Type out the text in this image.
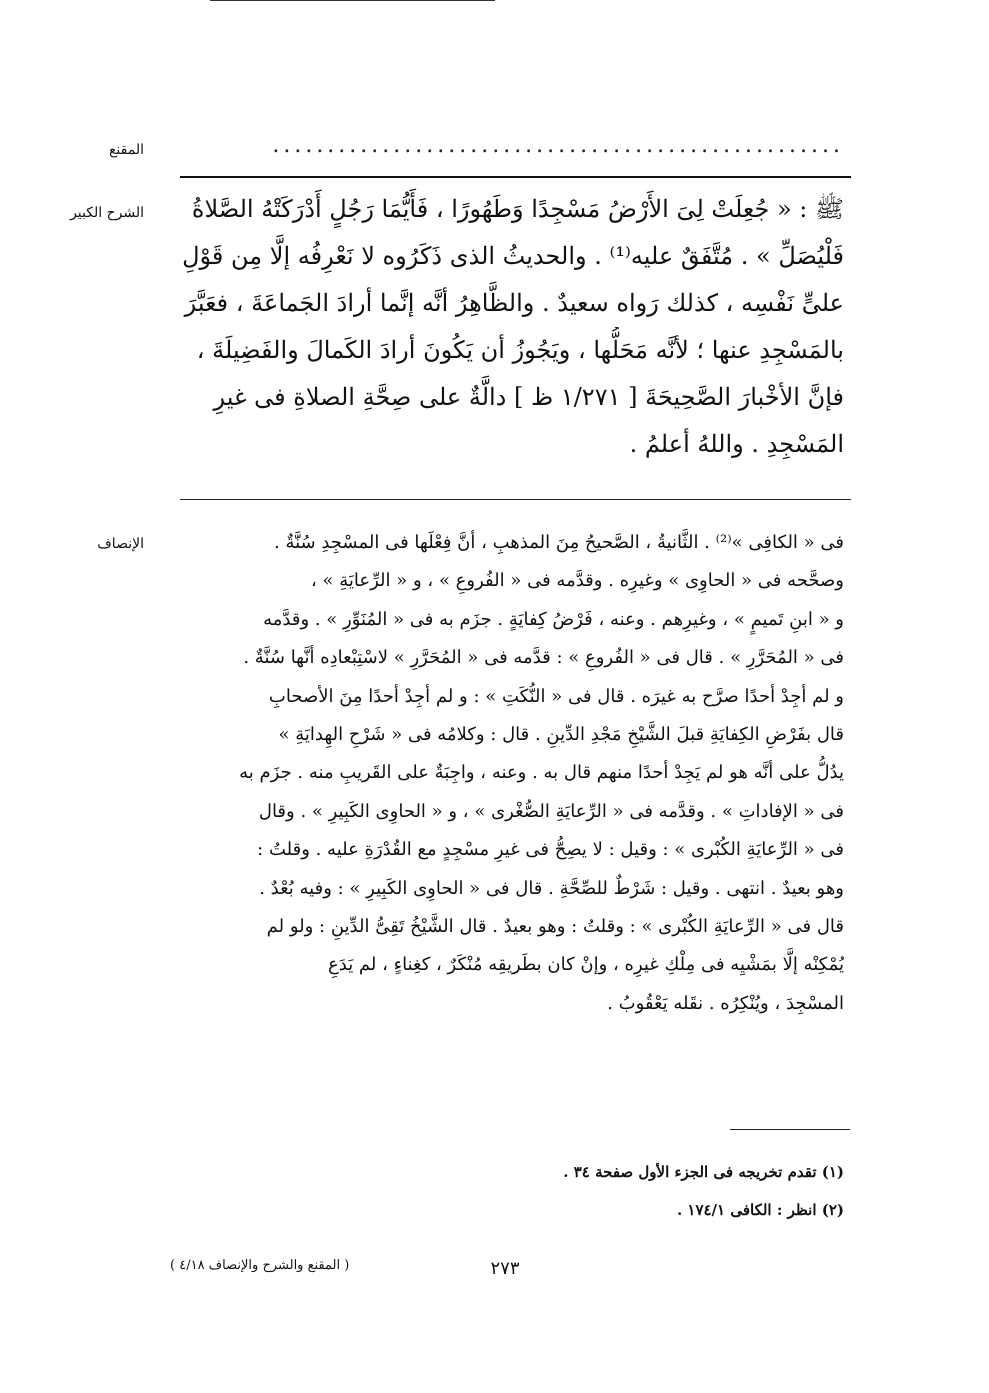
المقنع	....................................................
الشرح الكبير	ﷺ : « جُعِلَتْ لِىَ الأَرْضُ مَسْجِدًا وَطَهُورًا ، فَأَيُّمَا رَجُلٍ أَدْرَكَتْهُ الصَّلاةُ
فَلْيُصَلِّ » . مُتَّفَقٌ عليه⁽¹⁾ . والحديثُ الذى ذَكَرُوه لا نَعْرِفُه إلَّا مِن قَوْلِ
علىٍّ نَفْسِه ، كذلك رَواه سعيدٌ . والظَّاهِرُ أنَّه إنَّما أرادَ الجَماعَةَ ، فعَبَّرَ
بالمَسْجِدِ عنها ؛ لأنَّه مَحَلُّها ، ويَجُوزُ أن يَكُونَ أرادَ الكَمالَ والفَضِيلَةَ ،
فإنَّ الأخْبارَ الصَّحِيحَةَ [ ١/٢٧١ ظ ] دالَّةٌ على صِحَّةِ الصلاةِ فى غيرِ
المَسْجِدِ . واللهُ أعلمُ .
الإنصاف	فى « الكافِى »⁽²⁾ . الثَّانيةُ ، الصَّحيحُ مِنَ المذهبِ ، أنَّ فِعْلَها فى المسْجِدِ سُنَّةٌ .
وصحَّحه فى « الحاوِى » وغيرِه . وقدَّمه فى « الفُروعِ » ، و « الرِّعايَةِ » ،
و « ابنِ تَميمٍ » ، وغيرِهم . وعنه ، فَرْضُ كِفايَةٍ . جزَم به فى « المُنَوِّرِ » . وقدَّمه
فى « المُحَرَّرِ » . قال فى « الفُروعِ » : قدَّمه فى « المُحَرَّرِ » لاسْتِبْعادِه أنَّها سُنَّةٌ .
و لم أجِدْ أحدًا صرَّح به غيرَه . قال فى « النُّكَتِ » : و لم أجِدْ أحدًا مِنَ الأصحابِ
قال بفَرْضِ الكِفايَةِ قبلَ الشَّيْخِ مَجْدِ الدِّينِ . قال : وكلامُه فى « شَرْحِ الهِدايَةِ »
يدُلُّ على أنَّه هو لم يَجِدْ أحدًا منهم قال به . وعنه ، واجِبَةٌ على القَريبِ منه . جزَم به
فى « الإفاداتِ » . وقدَّمه فى « الرِّعايَةِ الصُّغْرى » ، و « الحاوِى الكَبِيرِ » . وقال
فى « الرِّعايَةِ الكُبْرى » : وقيل : لا يصِحُّ فى غيرِ مسْجِدٍ مع القُدْرَةِ عليه . وقلتُ :
وهو بعيدٌ . انتهى . وقيل : شَرْطٌ للصِّحَّةِ . قال فى « الحاوِى الكَبِيرِ » : وفيه بُعْدٌ .
قال فى « الرِّعايَةِ الكُبْرى » : وقلتُ : وهو بعيدٌ . قال الشَّيْخُ تَقِىُّ الدِّينِ : ولو لم
يُمْكِنْه إلَّا بمَشْيِه فى مِلْكِ غيرِه ، وإنْ كان بطَريقِه مُنْكَرٌ ، كغِناءٍ ، لم يَدَعِ
المسْجِدَ ، ويُنْكِرُه . نقَله يَعْقُوبُ .
(١) تقدم تخريجه فى الجزء الأول صفحة ٣٤ .
(٢) انظر : الكافى ١٧٤/١ .
٢٧٣
( المقنع والشرح والإنصاف ٤/١٨ )
